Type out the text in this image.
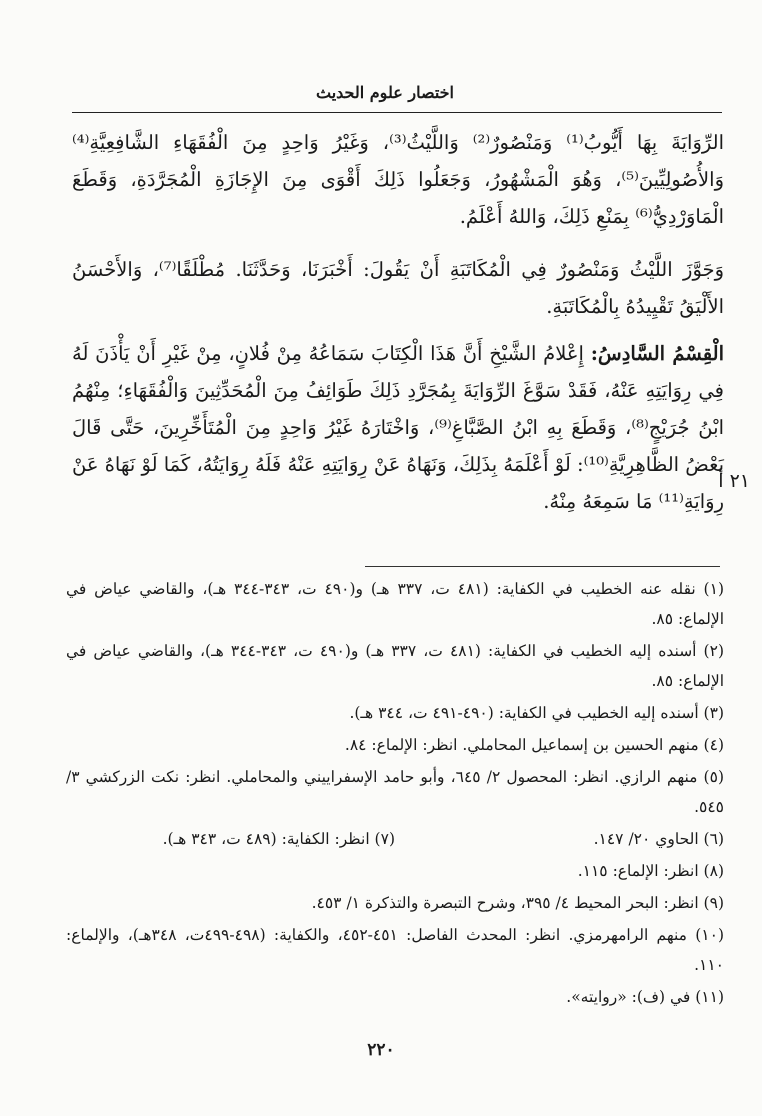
اختصار علوم الحديث

الرِّوَايَةَ بِهَا أَيُّوبُ⁽¹⁾ وَمَنْصُورٌ⁽²⁾ وَاللَّيْثُ⁽³⁾، وَغَيْرُ وَاحِدٍ مِنَ الْفُقَهَاءِ الشَّافِعِيَّةِ⁽⁴⁾ وَالأُصُولِيِّينَ⁽⁵⁾، وَهُوَ الْمَشْهُورُ، وَجَعَلُوا ذَلِكَ أَقْوَى مِنَ الإِجَازَةِ الْمُجَرَّدَةِ، وَقَطَعَ الْمَاوَرْدِيُّ⁽⁶⁾ بِمَنْعِ ذَلِكَ، وَاللهُ أَعْلَمُ.

وَجَوَّزَ اللَّيْثُ وَمَنْصُورٌ فِي الْمُكَاتَبَةِ أَنْ يَقُولَ: أَخْبَرَنَا، وَحَدَّثَنَا. مُطْلَقًا⁽⁷⁾، وَالأَحْسَنُ الأَلْيَقُ تَقْيِيدُهُ بِالْمُكَاتَبَةِ.

الْقِسْمُ السَّادِسُ: إِعْلامُ الشَّيْخِ أَنَّ هَذَا الْكِتَابَ سَمَاعُهُ مِنْ فُلانٍ، مِنْ غَيْرِ أَنْ يَأْذَنَ لَهُ فِي رِوَايَتِهِ عَنْهُ، فَقَدْ سَوَّغَ الرِّوَايَةَ بِمُجَرَّدِ ذَلِكَ طَوَائِفُ مِنَ الْمُحَدِّثِينَ وَالْفُقَهَاءِ؛ مِنْهُمُ ابْنُ جُرَيْجٍ⁽⁸⁾، وَقَطَعَ بِهِ ابْنُ الصَّبَّاغِ⁽⁹⁾، وَاخْتَارَهُ غَيْرُ وَاحِدٍ مِنَ الْمُتَأَخِّرِينَ، حَتَّى قَالَ بَعْضُ الظَّاهِرِيَّةِ⁽¹⁰⁾: لَوْ أَعْلَمَهُ بِذَلِكَ، وَنَهَاهُ عَنْ رِوَايَتِهِ عَنْهُ فَلَهُ رِوَايَتُهُ، كَمَا لَوْ نَهَاهُ عَنْ رِوَايَةِ⁽¹¹⁾ مَا سَمِعَهُ مِنْهُ.

٢١ أ
(١) نقله عنه الخطيب في الكفاية: (٤٨١ ت، ٣٣٧ هـ) و(٤٩٠ ت، ٣٤٣-٣٤٤ هـ)، والقاضي عياض في الإلماع: ٨٥.
(٢) أسنده إليه الخطيب في الكفاية: (٤٨١ ت، ٣٣٧ هـ) و(٤٩٠ ت، ٣٤٣-٣٤٤ هـ)، والقاضي عياض في الإلماع: ٨٥.
(٣) أسنده إليه الخطيب في الكفاية: (٤٩٠-٤٩١ ت، ٣٤٤ هـ).
(٤) منهم الحسين بن إسماعيل المحاملي. انظر: الإلماع: ٨٤.
(٥) منهم الرازي. انظر: المحصول ٢/ ٦٤٥، وأبو حامد الإسفراييني والمحاملي. انظر: نكت الزركشي ٣/ ٥٤٥.
(٦) الحاوي ٢٠/ ١٤٧.
(٧) انظر: الكفاية: (٤٨٩ ت، ٣٤٣ هـ).
(٨) انظر: الإلماع: ١١٥.
(٩) انظر: البحر المحيط ٤/ ٣٩٥، وشرح التبصرة والتذكرة ١/ ٤٥٣.
(١٠) منهم الرامهرمزي. انظر: المحدث الفاصل: ٤٥١-٤٥٢، والكفاية: (٤٩٨-٤٩٩ت، ٣٤٨هـ)، والإلماع: ١١٠.
(١١) في (ف): «روايته».
٢٢٠
